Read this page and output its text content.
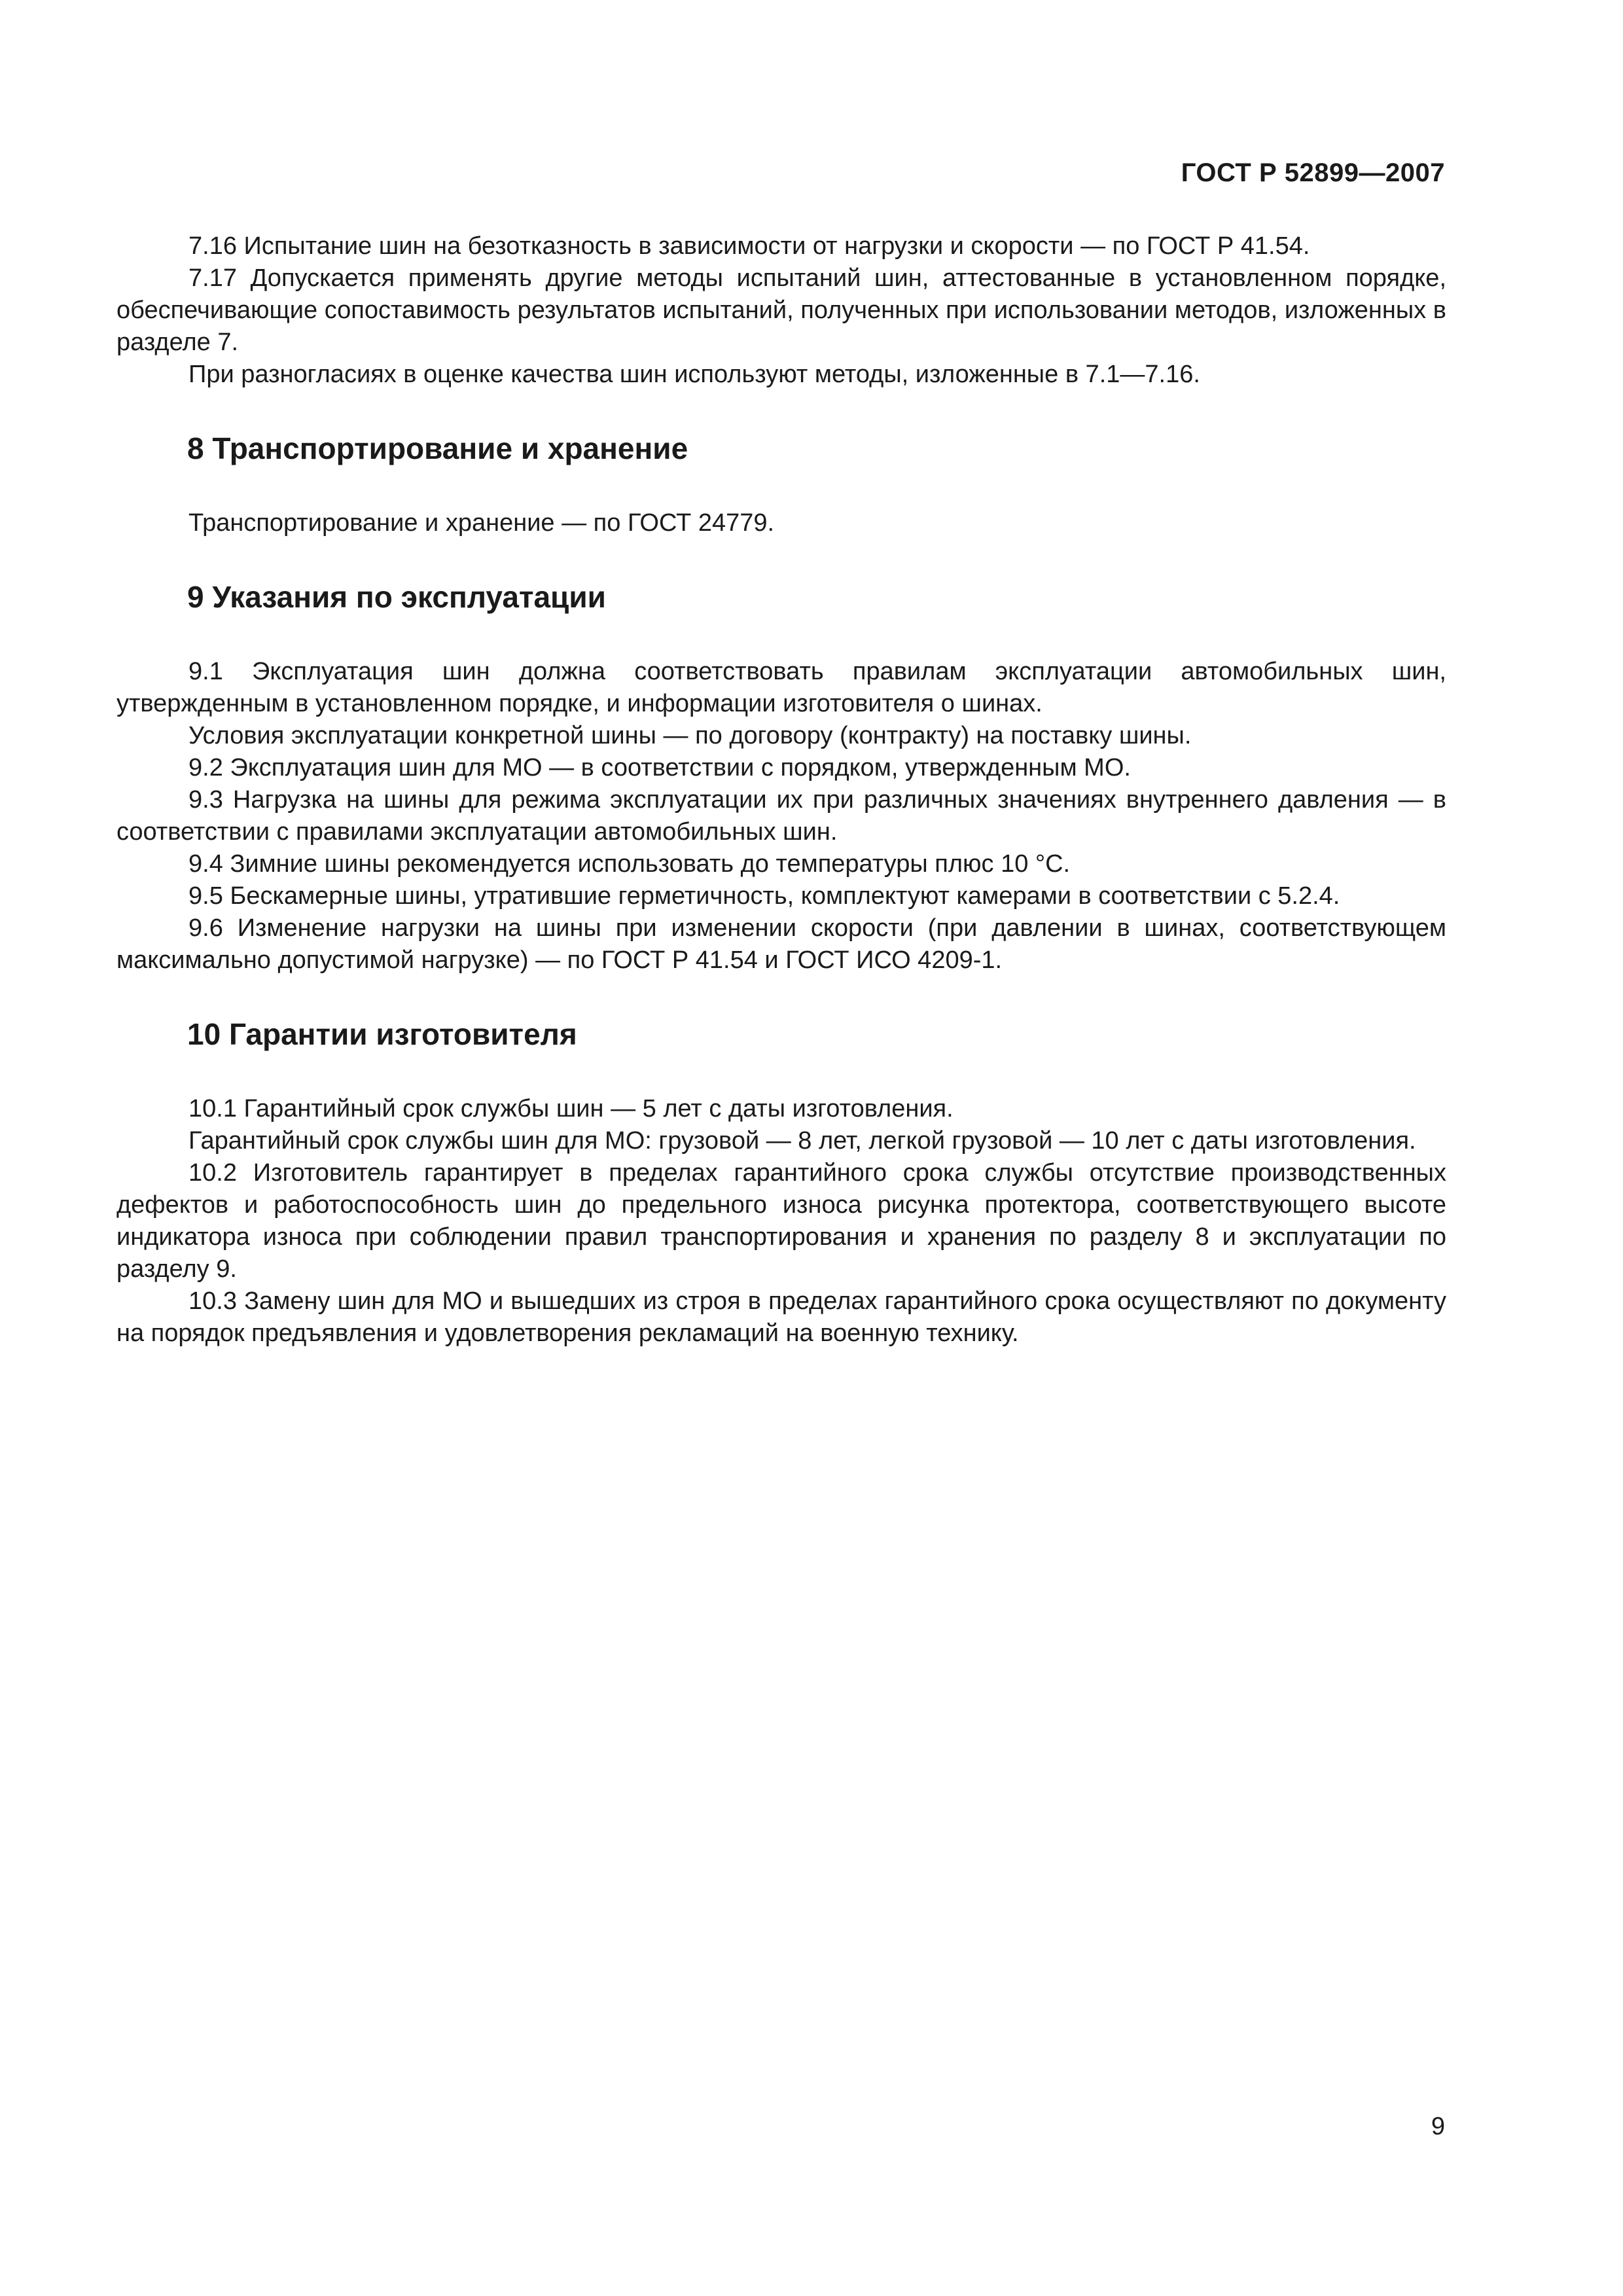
ГОСТ Р 52899—2007

7.16 Испытание шин на безотказность в зависимости от нагрузки и скорости — по ГОСТ Р 41.54.

7.17 Допускается применять другие методы испытаний шин, аттестованные в установленном порядке, обеспечивающие сопоставимость результатов испытаний, полученных при использовании методов, изложенных в разделе 7.

При разногласиях в оценке качества шин используют методы, изложенные в 7.1—7.16.

8 Транспортирование и хранение

Транспортирование и хранение — по ГОСТ 24779.

9 Указания по эксплуатации

9.1 Эксплуатация шин должна соответствовать правилам эксплуатации автомобильных шин, утвержденным в установленном порядке, и информации изготовителя о шинах.

Условия эксплуатации конкретной шины — по договору (контракту) на поставку шины.

9.2 Эксплуатация шин для МО — в соответствии с порядком, утвержденным МО.

9.3 Нагрузка на шины для режима эксплуатации их при различных значениях внутреннего давления — в соответствии с правилами эксплуатации автомобильных шин.

9.4 Зимние шины рекомендуется использовать до температуры плюс 10 °С.

9.5 Бескамерные шины, утратившие герметичность, комплектуют камерами в соответствии с 5.2.4.

9.6 Изменение нагрузки на шины при изменении скорости (при давлении в шинах, соответствующем максимально допустимой нагрузке) — по ГОСТ Р 41.54 и ГОСТ ИСО 4209-1.

10 Гарантии изготовителя

10.1 Гарантийный срок службы шин — 5 лет с даты изготовления.

Гарантийный срок службы шин для МО: грузовой — 8 лет, легкой грузовой — 10 лет с даты изготовления.

10.2 Изготовитель гарантирует в пределах гарантийного срока службы отсутствие производственных дефектов и работоспособность шин до предельного износа рисунка протектора, соответствующего высоте индикатора износа при соблюдении правил транспортирования и хранения по разделу 8 и эксплуатации по разделу 9.

10.3 Замену шин для МО и вышедших из строя в пределах гарантийного срока осуществляют по документу на порядок предъявления и удовлетворения рекламаций на военную технику.

9
